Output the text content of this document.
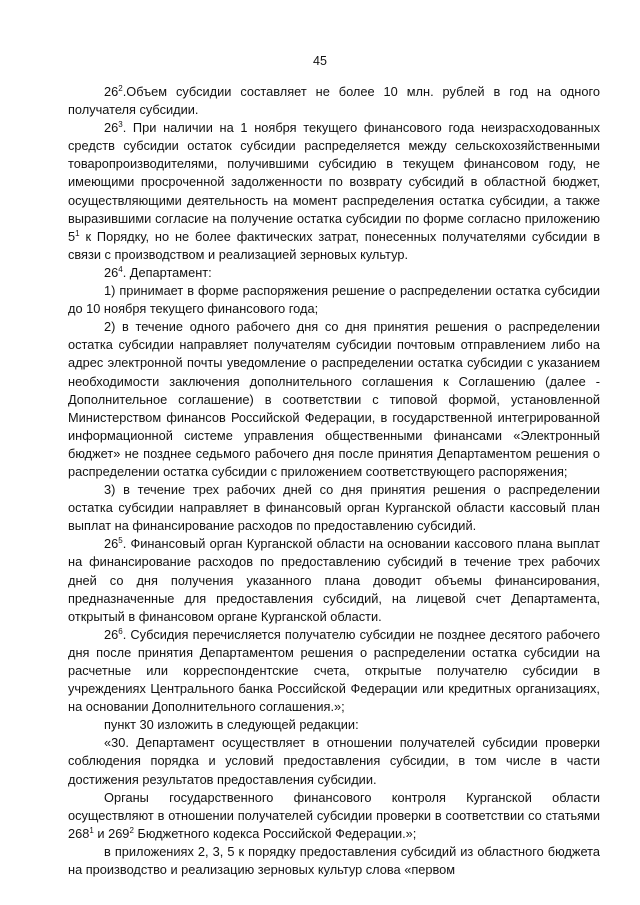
45

$26^2.Объем$ субсидии составляет не более 10 млн. рублей в год на одного получателя субсидии.

$26^3$. При наличии на 1 ноября текущего финансового года неизрасходованных средств субсидии остаток субсидии распределяется между сельскохозяйственными товаропроизводителями, получившими субсидию в текущем финансовом году, не имеющими просроченной задолженности по возврату субсидий в областной бюджет, осуществляющими деятельность на момент распределения остатка субсидии, а также выразившими согласие на получение остатка субсидии по форме согласно приложению $5^1$ к Порядку, но не более фактических затрат, понесенных получателями субсидии в связи с производством и реализацией зерновых культур.

$26^4$. Департамент:

1) принимает в форме распоряжения решение о распределении остатка субсидии до 10 ноября текущего финансового года;

2) в течение одного рабочего дня со дня принятия решения о распределении остатка субсидии направляет получателям субсидии почтовым отправлением либо на адрес электронной почты уведомление о распределении остатка субсидии с указанием необходимости заключения дополнительного соглашения к Соглашению (далее - Дополнительное соглашение) в соответствии с типовой формой, установленной Министерством финансов Российской Федерации, в государственной интегрированной информационной системе управления общественными финансами «Электронный бюджет» не позднее седьмого рабочего дня после принятия Департаментом решения о распределении остатка субсидии с приложением соответствующего распоряжения;

3) в течение трех рабочих дней со дня принятия решения о распределении остатка субсидии направляет в финансовый орган Курганской области кассовый план выплат на финансирование расходов по предоставлению субсидий.

$26^5$. Финансовый орган Курганской области на основании кассового плана выплат на финансирование расходов по предоставлению субсидий в течение трех рабочих дней со дня получения указанного плана доводит объемы финансирования, предназначенные для предоставления субсидий, на лицевой счет Департамента, открытый в финансовом органе Курганской области.

$26^6$. Субсидия перечисляется получателю субсидии не позднее десятого рабочего дня после принятия Департаментом решения о распределении остатка субсидии на расчетные или корреспондентские счета, открытые получателю субсидии в учреждениях Центрального банка Российской Федерации или кредитных организациях, на основании Дополнительного соглашения.»;

пункт 30 изложить в следующей редакции:

«30. Департамент осуществляет в отношении получателей субсидии проверки соблюдения порядка и условий предоставления субсидии, в том числе в части достижения результатов предоставления субсидии.

Органы государственного финансового контроля Курганской области осуществляют в отношении получателей субсидии проверки в соответствии со статьями $268^1$ и $269^2$ Бюджетного кодекса Российской Федерации.»;

в приложениях 2, 3, 5 к порядку предоставления субсидий из областного бюджета на производство и реализацию зерновых культур слова «первом
